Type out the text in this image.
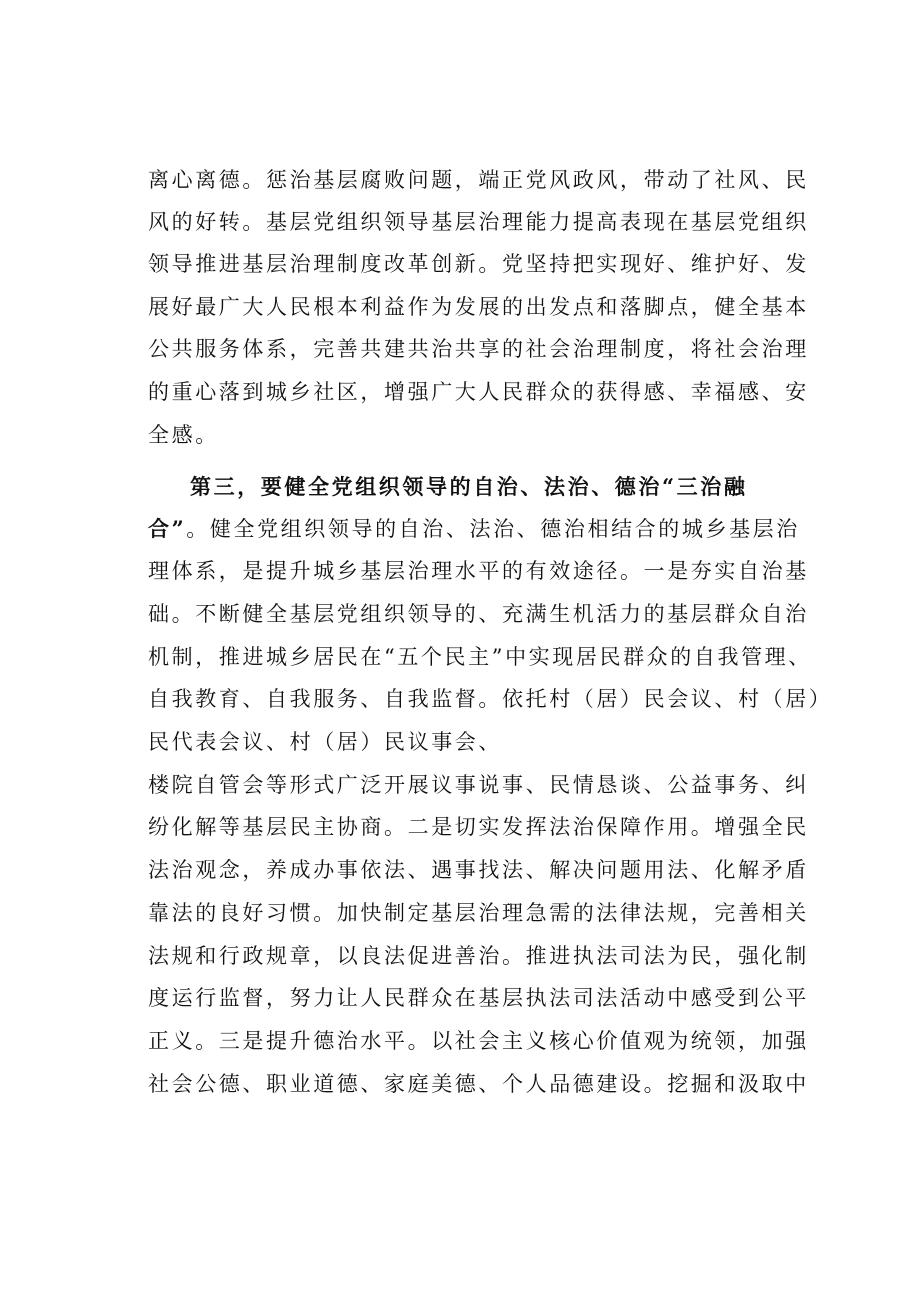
离心离德。惩治基层腐败问题，端正党风政风，带动了社风、民
风的好转。基层党组织领导基层治理能力提高表现在基层党组织
领导推进基层治理制度改革创新。党坚持把实现好、维护好、发
展好最广大人民根本利益作为发展的出发点和落脚点，健全基本
公共服务体系，完善共建共治共享的社会治理制度，将社会治理
的重心落到城乡社区，增强广大人民群众的获得感、幸福感、安
全感。
第三，要健全党组织领导的自治、法治、德治“三治融
合”。健全党组织领导的自治、法治、德治相结合的城乡基层治
理体系，是提升城乡基层治理水平的有效途径。一是夯实自治基
础。不断健全基层党组织领导的、充满生机活力的基层群众自治
机制，推进城乡居民在“五个民主”中实现居民群众的自我管理、
自我教育、自我服务、自我监督。依托村（居）民会议、村（居）
民代表会议、村（居）民议事会、
楼院自管会等形式广泛开展议事说事、民情恳谈、公益事务、纠
纷化解等基层民主协商。二是切实发挥法治保障作用。增强全民
法治观念，养成办事依法、遇事找法、解决问题用法、化解矛盾
靠法的良好习惯。加快制定基层治理急需的法律法规，完善相关
法规和行政规章，以良法促进善治。推进执法司法为民，强化制
度运行监督，努力让人民群众在基层执法司法活动中感受到公平
正义。三是提升德治水平。以社会主义核心价值观为统领，加强
社会公德、职业道德、家庭美德、个人品德建设。挖掘和汲取中
